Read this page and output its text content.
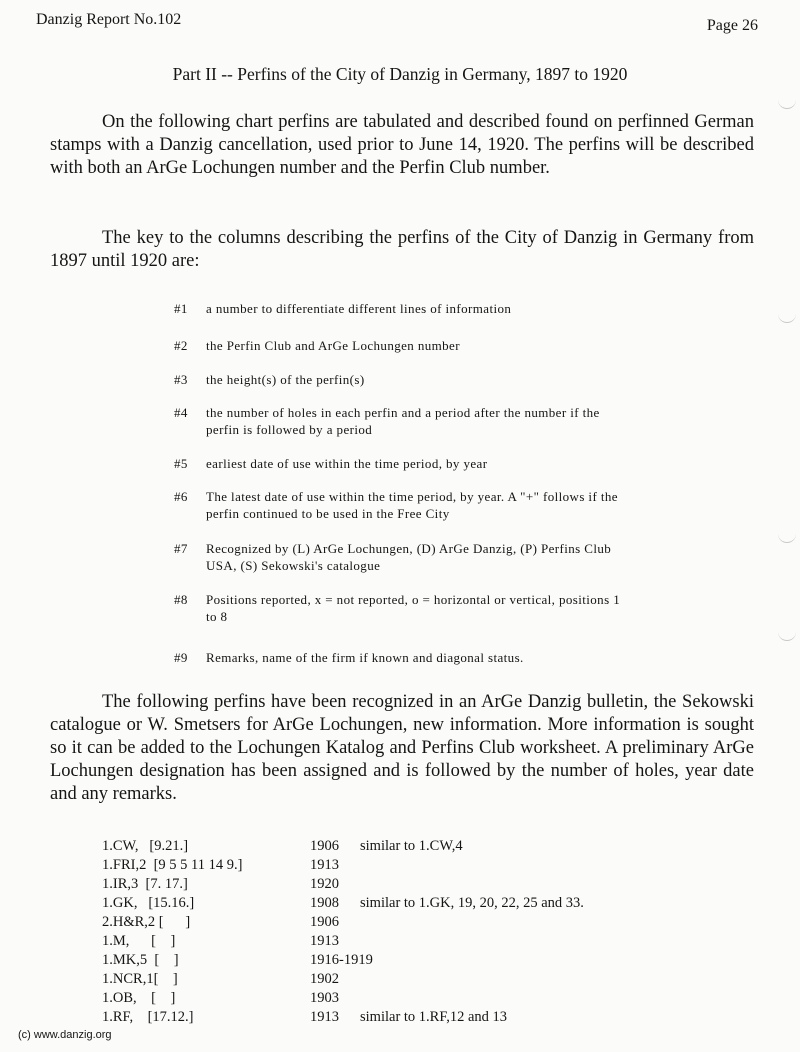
Danzig Report No.102	Page 26
Part II -- Perfins of the City of Danzig in Germany, 1897 to 1920

On the following chart perfins are tabulated and described found on perfinned German stamps with a Danzig cancellation, used prior to June 14, 1920. The perfins will be described with both an ArGe Lochungen number and the Perfin Club number.

The key to the columns describing the perfins of the City of Danzig in Germany from 1897 until 1920 are:

#1	a number to differentiate different lines of information
#2	the Perfin Club and ArGe Lochungen number
#3	the height(s) of the perfin(s)
#4	the number of holes in each perfin and a period after the number if the perfin is followed by a period
#5	earliest date of use within the time period, by year
#6	The latest date of use within the time period, by year. A "+" follows if the perfin continued to be used in the Free City
#7	Recognized by (L) ArGe Lochungen, (D) ArGe Danzig, (P) Perfins Club USA, (S) Sekowski's catalogue
#8	Positions reported, x = not reported, o = horizontal or vertical, positions 1 to 8
#9	Remarks, name of the firm if known and diagonal status.

The following perfins have been recognized in an ArGe Danzig bulletin, the Sekowski catalogue or W. Smetsers for ArGe Lochungen, new information. More information is sought so it can be added to the Lochungen Katalog and Perfins Club worksheet. A preliminary ArGe Lochungen designation has been assigned and is followed by the number of holes, year date and any remarks.

1.CW,   [9.21.]	1906 similar to 1.CW,4
1.FRI,2  [9 5 5 11 14 9.]	1913
1.IR,3  [7. 17.]	1920
1.GK,   [15.16.]	1908 similar to 1.GK, 19, 20, 22, 25 and 33.
2.H&R,2 [      ]	1906
1.M,      [    ]	1913
1.MK,5  [    ]	1916-1919
1.NCR,1[    ]	1902
1.OB,    [    ]	1903
1.RF,    [17.12.]	1913 similar to 1.RF,12 and 13
(c) www.danzig.org
